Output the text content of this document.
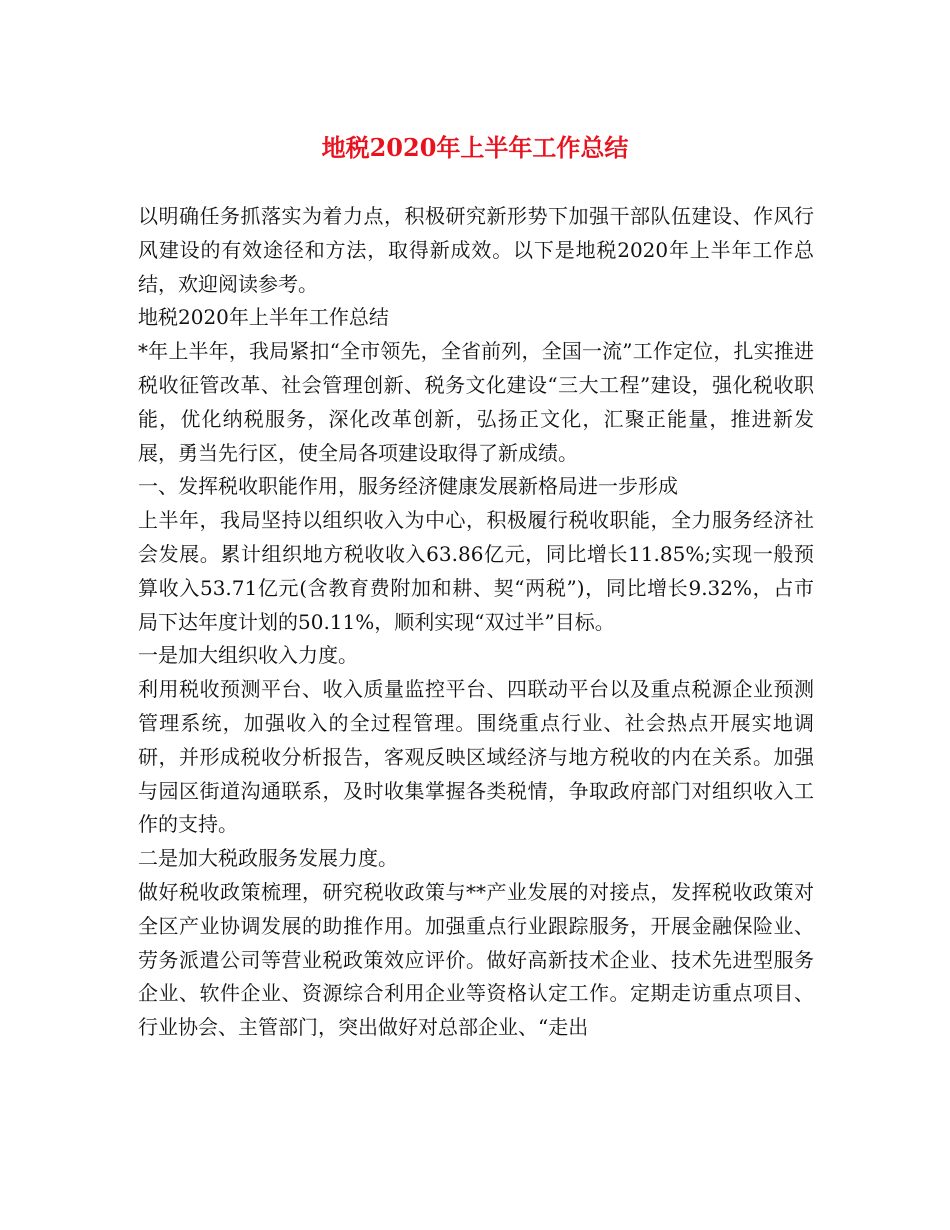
地税2020年上半年工作总结

以明确任务抓落实为着力点，积极研究新形势下加强干部队伍建设、作风行风建设的有效途径和方法，取得新成效。以下是地税2020年上半年工作总结，欢迎阅读参考。

地税2020年上半年工作总结

*年上半年，我局紧扣“全市领先，全省前列，全国一流”工作定位，扎实推进税收征管改革、社会管理创新、税务文化建设“三大工程”建设，强化税收职能，优化纳税服务，深化改革创新，弘扬正文化，汇聚正能量，推进新发展，勇当先行区，使全局各项建设取得了新成绩。

一、发挥税收职能作用，服务经济健康发展新格局进一步形成

上半年，我局坚持以组织收入为中心，积极履行税收职能，全力服务经济社会发展。累计组织地方税收收入63.86亿元，同比增长11.85%;实现一般预算收入53.71亿元(含教育费附加和耕、契“两税”)，同比增长9.32%，占市局下达年度计划的50.11%，顺利实现“双过半”目标。

一是加大组织收入力度。

利用税收预测平台、收入质量监控平台、四联动平台以及重点税源企业预测管理系统，加强收入的全过程管理。围绕重点行业、社会热点开展实地调研，并形成税收分析报告，客观反映区域经济与地方税收的内在关系。加强与园区街道沟通联系，及时收集掌握各类税情，争取政府部门对组织收入工作的支持。

二是加大税政服务发展力度。

做好税收政策梳理，研究税收政策与**产业发展的对接点，发挥税收政策对全区产业协调发展的助推作用。加强重点行业跟踪服务，开展金融保险业、劳务派遣公司等营业税政策效应评价。做好高新技术企业、技术先进型服务企业、软件企业、资源综合利用企业等资格认定工作。定期走访重点项目、行业协会、主管部门，突出做好对总部企业、“走出
